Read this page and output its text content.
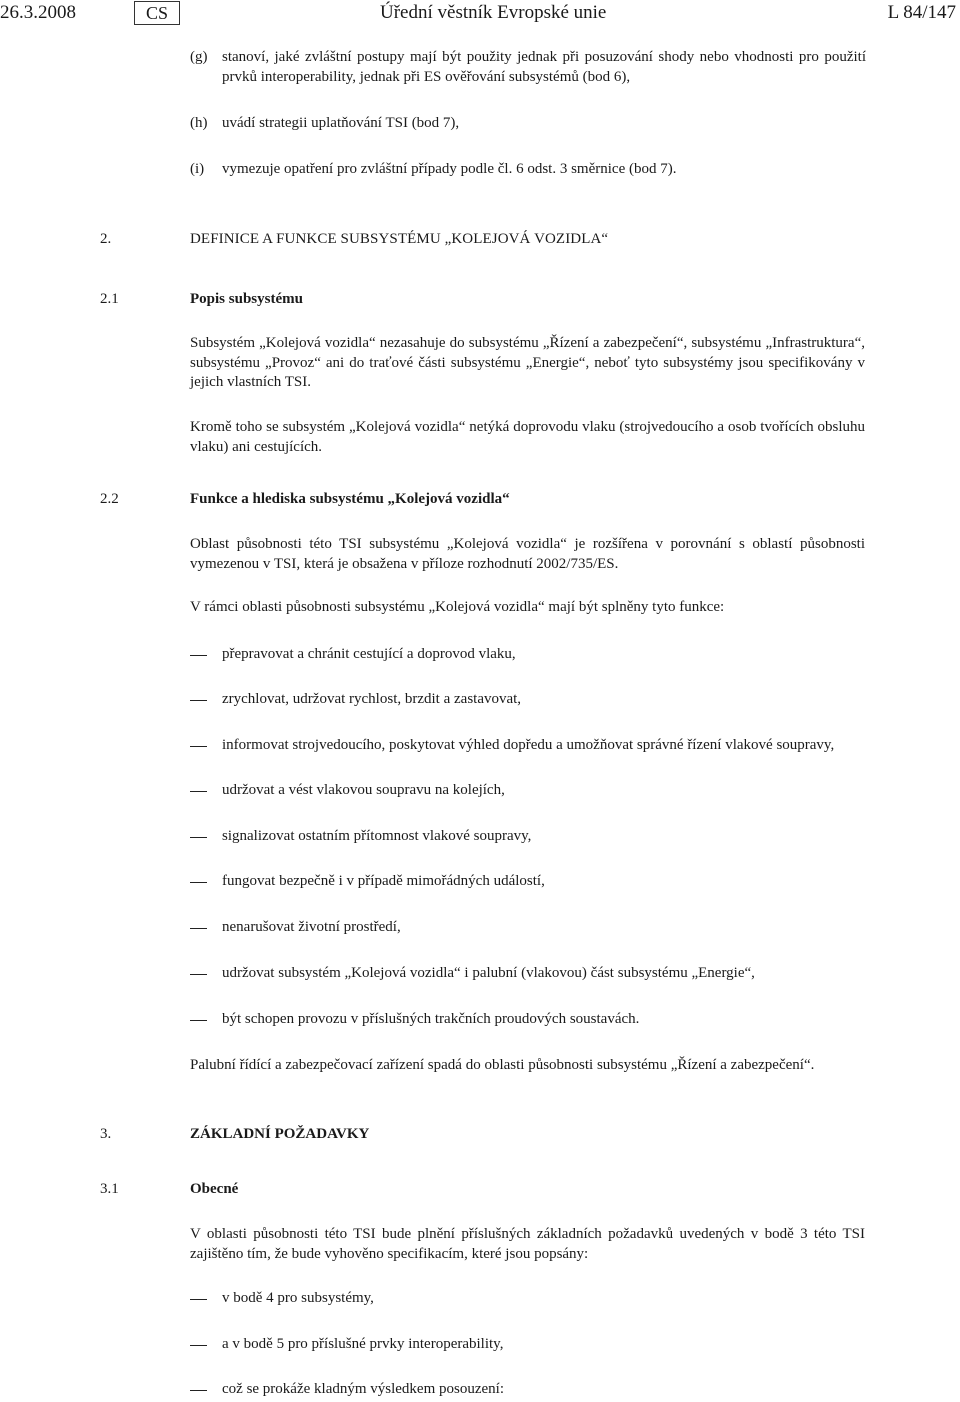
26.3.2008	CS	Úřední věstník Evropské unie	L 84/147
(g) stanoví, jaké zvláštní postupy mají být použity jednak při posuzování shody nebo vhodnosti pro použití prvků interoperability, jednak při ES ověřování subsystémů (bod 6),

(h) uvádí strategii uplatňování TSI (bod 7),

(i) vymezuje opatření pro zvláštní případy podle čl. 6 odst. 3 směrnice (bod 7).

2.	DEFINICE A FUNKCE SUBSYSTÉMU „KOLEJOVÁ VOZIDLA“
2.1	Popis subsystému

Subsystém „Kolejová vozidla“ nezasahuje do subsystému „Řízení a zabezpečení“, subsystému „Infrastruktura“, subsystému „Provoz“ ani do traťové části subsystému „Energie“, neboť tyto subsystémy jsou specifikovány v jejich vlastních TSI.

Kromě toho se subsystém „Kolejová vozidla“ netýká doprovodu vlaku (strojvedoucího a osob tvořících obsluhu vlaku) ani cestujících.

2.2	Funkce a hlediska subsystému „Kolejová vozidla“

Oblast působnosti této TSI subsystému „Kolejová vozidla“ je rozšířena v porovnání s oblastí působnosti vymezenou v TSI, která je obsažena v příloze rozhodnutí 2002/735/ES.

V rámci oblasti působnosti subsystému „Kolejová vozidla“ mají být splněny tyto funkce:

přepravovat a chránit cestující a doprovod vlaku,
zrychlovat, udržovat rychlost, brzdit a zastavovat,
informovat strojvedoucího, poskytovat výhled dopředu a umožňovat správné řízení vlakové soupravy,
udržovat a vést vlakovou soupravu na kolejích,
signalizovat ostatním přítomnost vlakové soupravy,
fungovat bezpečně i v případě mimořádných událostí,
nenarušovat životní prostředí,
udržovat subsystém „Kolejová vozidla“ i palubní (vlakovou) část subsystému „Energie“,
být schopen provozu v příslušných trakčních proudových soustavách.

Palubní řídící a zabezpečovací zařízení spadá do oblasti působnosti subsystému „Řízení a zabezpečení“.

3.	ZÁKLADNÍ POŽADAVKY
3.1	Obecné

V oblasti působnosti této TSI bude plnění příslušných základních požadavků uvedených v bodě 3 této TSI zajištěno tím, že bude vyhověno specifikacím, které jsou popsány:

v bodě 4 pro subsystémy,
a v bodě 5 pro příslušné prvky interoperability,
což se prokáže kladným výsledkem posouzení:
